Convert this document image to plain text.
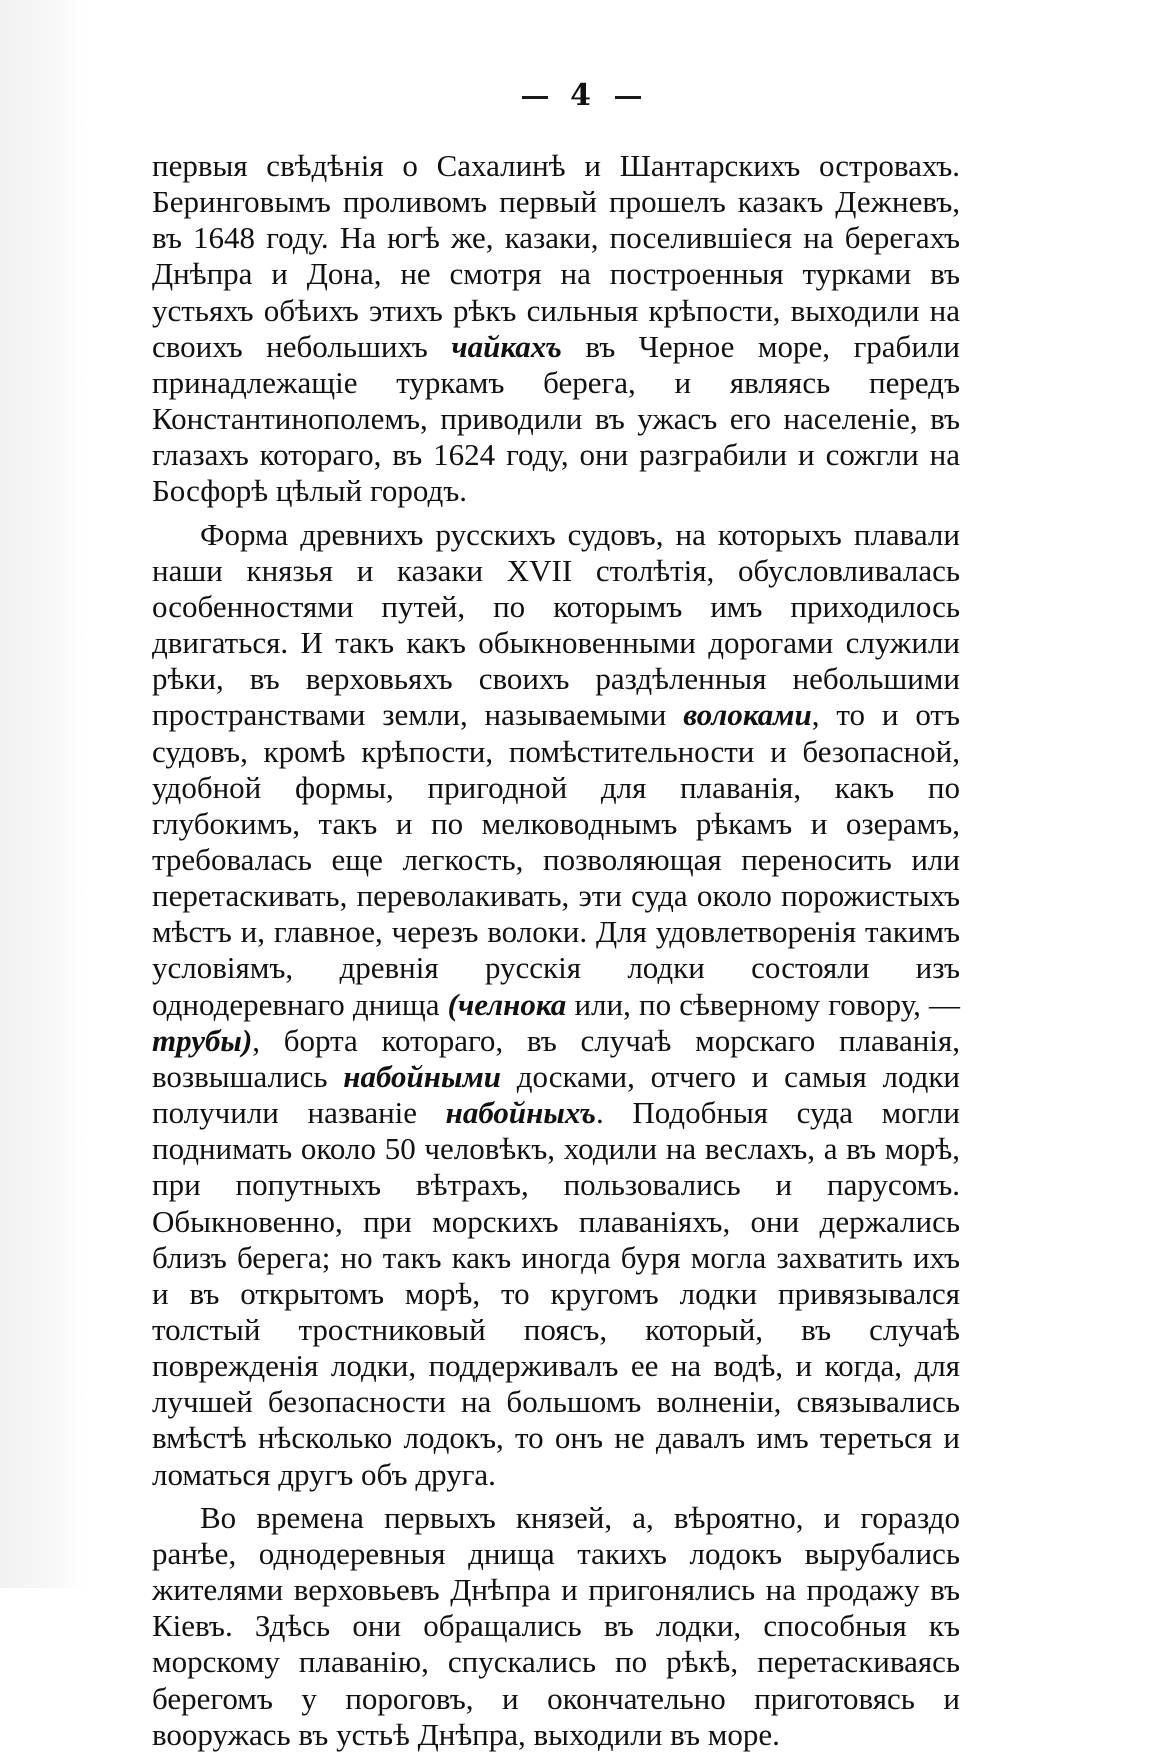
4

первыя свѣдѣнія о Сахалинѣ и Шантарскихъ островахъ. Беринговымъ проливомъ первый прошелъ казакъ Дежневъ, въ 1648 году. На югѣ же, казаки, поселившіеся на берегахъ Днѣпра и Дона, не смотря на построенныя турками въ устьяхъ обѣихъ этихъ рѣкъ сильныя крѣпости, выходили на своихъ небольшихъ чайкахъ въ Черное море, грабили принадлежащіе туркамъ берега, и являясь передъ Константинополемъ, приводили въ ужасъ его населеніе, въ глазахъ котораго, въ 1624 году, они разграбили и сожгли на Босфорѣ цѣлый городъ.

Форма древнихъ русскихъ судовъ, на которыхъ плавали наши князья и казаки XVII столѣтія, обусловливалась особенностями путей, по которымъ имъ приходилось двигаться. И такъ какъ обыкновенными дорогами служили рѣки, въ верховьяхъ своихъ раздѣленныя небольшими пространствами земли, называемыми волоками, то и отъ судовъ, кромѣ крѣпости, помѣстительности и безопасной, удобной формы, пригодной для плаванія, какъ по глубокимъ, такъ и по мелководнымъ рѣкамъ и озерамъ, требовалась еще легкость, позволяющая переносить или перетаскивать, переволакивать, эти суда около порожистыхъ мѣстъ и, главное, черезъ волоки. Для удовлетворенія такимъ условіямъ, древнія русскія лодки состояли изъ однодеревнаго днища (челнока или, по сѣверному говору, — трубы), борта котораго, въ случаѣ морскаго плаванія, возвышались набойными досками, отчего и самыя лодки получили названіе набойныхъ. Подобныя суда могли поднимать около 50 человѣкъ, ходили на веслахъ, а въ морѣ, при попутныхъ вѣтрахъ, пользовались и парусомъ. Обыкновенно, при морскихъ плаваніяхъ, они держались близъ берега; но такъ какъ иногда буря могла захватить ихъ и въ открытомъ морѣ, то кругомъ лодки привязывался толстый тростниковый поясъ, который, въ случаѣ поврежденія лодки, поддерживалъ ее на водѣ, и когда, для лучшей безопасности на большомъ волненіи, связывались вмѣстѣ нѣсколько лодокъ, то онъ не давалъ имъ тереться и ломаться другъ объ друга.

Во времена первыхъ князей, а, вѣроятно, и гораздо ранѣе, однодеревныя днища такихъ лодокъ вырубались жителями верховьевъ Днѣпра и пригонялись на продажу въ Кіевъ. Здѣсь они обращались въ лодки, способныя къ морскому плаванію, спускались по рѣкѣ, перетаскиваясь берегомъ у пороговъ, и окончательно приготовясь и вооружась въ устьѣ Днѣпра, выходили въ море.
